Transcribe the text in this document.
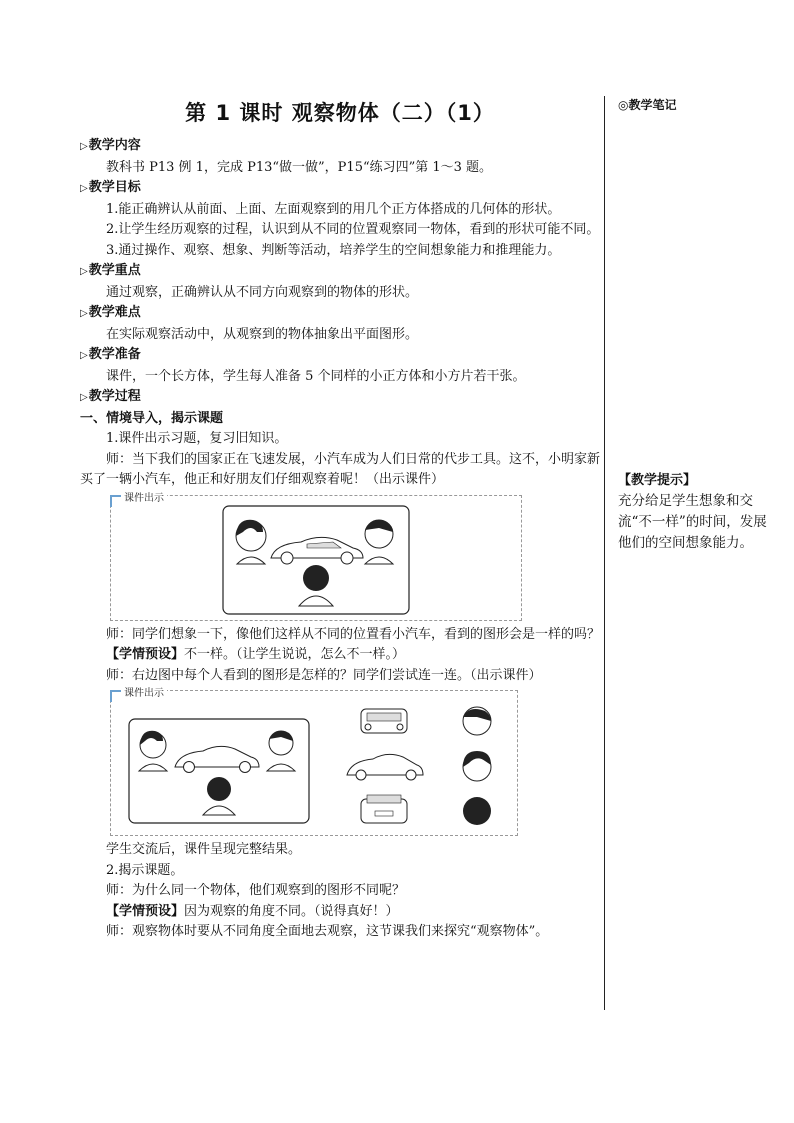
第 1 课时 观察物体（二）（1）
▷教学内容

教科书 P13 例 1，完成 P13“做一做”，P15“练习四”第 1～3 题。

▷教学目标

1.能正确辨认从前面、上面、左面观察到的用几个正方体搭成的几何体的形状。

2.让学生经历观察的过程，认识到从不同的位置观察同一物体，看到的形状可能不同。

3.通过操作、观察、想象、判断等活动，培养学生的空间想象能力和推理能力。

▷教学重点

通过观察，正确辨认从不同方向观察到的物体的形状。

▷教学难点

在实际观察活动中，从观察到的物体抽象出平面图形。

▷教学准备

课件，一个长方体，学生每人准备 5 个同样的小正方体和小方片若干张。

▷教学过程
一、情境导入，揭示课题

1.课件出示习题，复习旧知识。

师：当下我们的国家正在飞速发展，小汽车成为人们日常的代步工具。这不，小明家新买了一辆小汽车，他正和好朋友们仔细观察着呢！（出示课件）

课件出示

师：同学们想象一下，像他们这样从不同的位置看小汽车，看到的图形会是一样的吗？

【学情预设】不一样。（让学生说说，怎么不一样。）

师：右边图中每个人看到的图形是怎样的？同学们尝试连一连。（出示课件）

课件出示

学生交流后，课件呈现完整结果。

2.揭示课题。

师：为什么同一个物体，他们观察到的图形不同呢？

【学情预设】因为观察的角度不同。（说得真好！）

师：观察物体时要从不同角度全面地去观察，这节课我们来探究“观察物体”。

◎教学笔记
【教学提示】
充分给足学生想象和交流“不一样”的时间，发展他们的空间想象能力。
